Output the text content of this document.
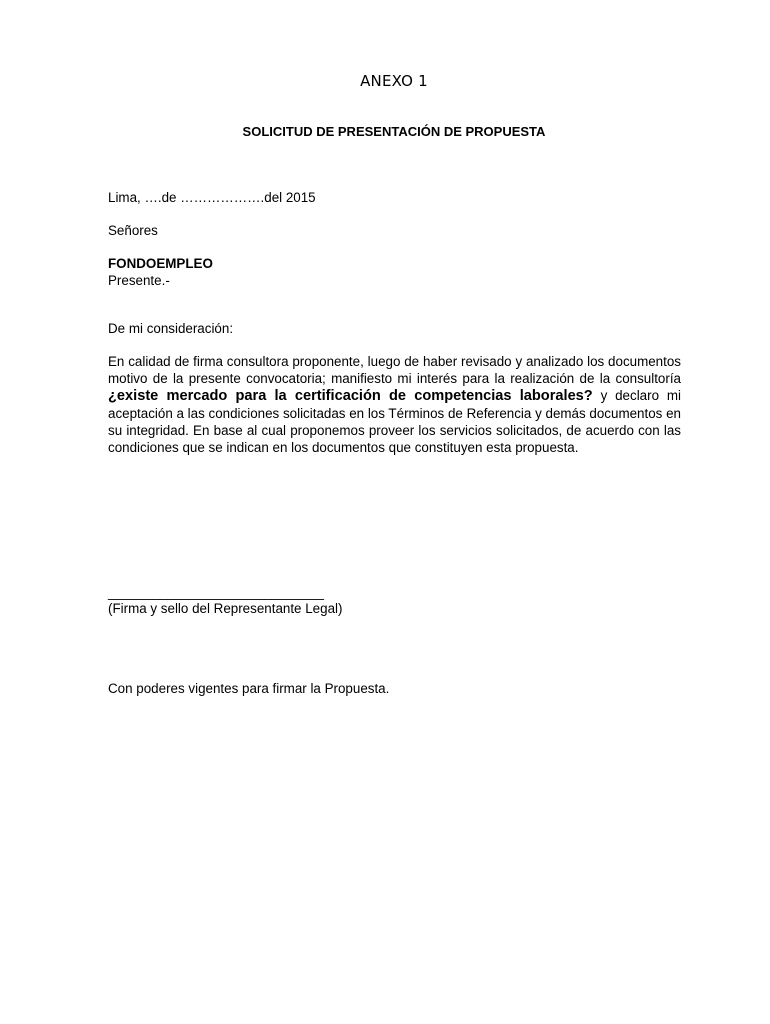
ANEXO 1
SOLICITUD DE PRESENTACIÓN DE PROPUESTA
Lima, ….de ……………….del 2015
Señores
FONDOEMPLEO
Presente.-
De mi consideración:
En calidad de firma consultora proponente, luego de haber revisado y analizado los documentos motivo de la presente convocatoria; manifiesto mi interés para la realización de la consultoría ¿existe mercado para la certificación de competencias laborales? y declaro mi aceptación a las condiciones solicitadas en los Términos de Referencia y demás documentos en su integridad. En base al cual proponemos proveer los servicios solicitados, de acuerdo con las condiciones que se indican en los documentos que constituyen esta propuesta.
_____________________________
(Firma y sello del Representante Legal)
Con poderes vigentes para firmar la Propuesta.
